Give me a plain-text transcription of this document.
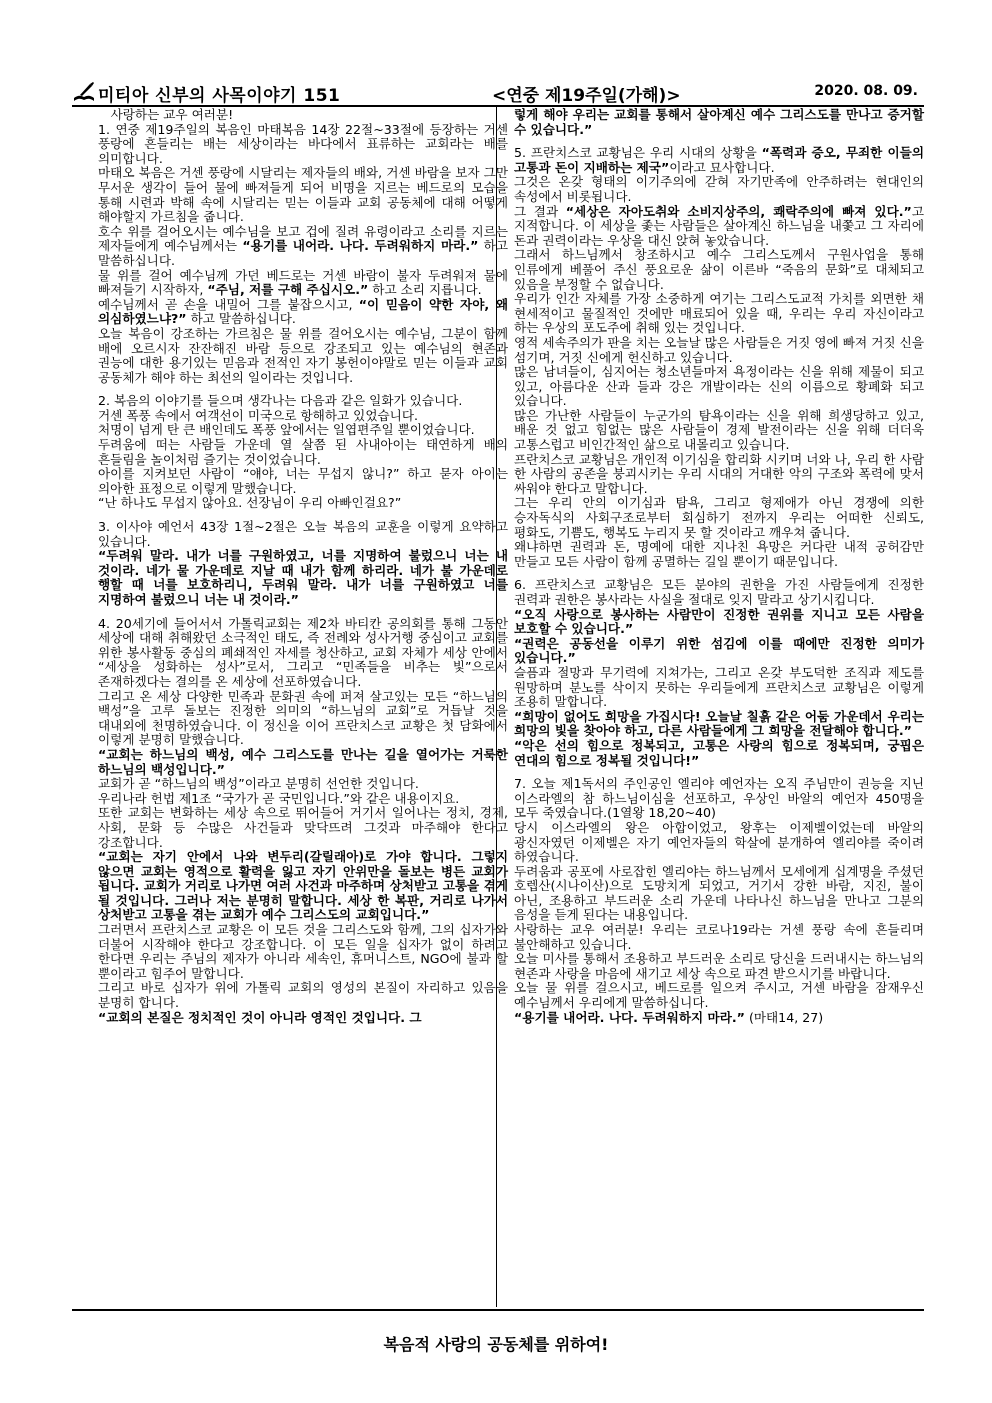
미티아 신부의 사목이야기 151	<연중 제19주일(가해)>	2020. 08. 09.

사랑하는 교우 여러분!

1. 연중 제19주일의 복음인 마태복음 14장 22절~33절에 등장하는 거센 풍랑에 흔들리는 배는 세상이라는 바다에서 표류하는 교회라는 배를 의미합니다.

마태오 복음은 거센 풍랑에 시달리는 제자들의 배와, 거센 바람을 보자 그만 무서운 생각이 들어 물에 빠져들게 되어 비명을 지르는 베드로의 모습을 통해 시련과 박해 속에 시달리는 믿는 이들과 교회 공동체에 대해 어떻게 해야할지 가르침을 줍니다.

호수 위를 걸어오시는 예수님을 보고 겁에 질려 유령이라고 소리를 지르는 제자들에게 예수님께서는 “용기를 내어라. 나다. 두려워하지 마라.” 하고 말씀하십니다.

물 위를 걸어 예수님께 가던 베드로는 거센 바람이 불자 두려워져 물에 빠져들기 시작하자, “주님, 저를 구해 주십시오.” 하고 소리 지릅니다.

예수님께서 곧 손을 내밀어 그를 붙잡으시고, “이 믿음이 약한 자야, 왜 의심하였느냐?” 하고 말씀하십니다.

오늘 복음이 강조하는 가르침은 물 위를 걸어오시는 예수님, 그분이 함께 배에 오르시자 잔잔해진 바람 등으로 강조되고 있는 예수님의 현존과 권능에 대한 용기있는 믿음과 전적인 자기 봉헌이야말로 믿는 이들과 교회 공동체가 해야 하는 최선의 일이라는 것입니다.

2. 복음의 이야기를 들으며 생각나는 다음과 같은 일화가 있습니다.

거센 폭풍 속에서 여객선이 미국으로 항해하고 있었습니다.

처명이 넘게 탄 큰 배인데도 폭풍 앞에서는 일엽편주일 뿐이었습니다.

두려움에 떠는 사람들 가운데 열 살쯤 된 사내아이는 태연하게 배의 흔들림을 놀이처럼 즐기는 것이었습니다.

아이를 지켜보던 사람이 “얘야, 너는 무섭지 않니?” 하고 묻자 아이는 의아한 표정으로 이렇게 말했습니다.

“난 하나도 무섭지 않아요. 선장님이 우리 아빠인걸요?”

3. 이사야 예언서 43장 1절~2절은 오늘 복음의 교훈을 이렇게 요약하고 있습니다.

“두려워 말라. 내가 너를 구원하였고, 너를 지명하여 불렀으니 너는 내 것이라. 네가 물 가운데로 지날 때 내가 함께 하리라. 네가 불 가운데로 행할 때 너를 보호하리니, 두려워 말라. 내가 너를 구원하였고 너를 지명하여 불렀으니 너는 내 것이라.”

4. 20세기에 들어서서 가톨릭교회는 제2차 바티칸 공의회를 통해 그동안 세상에 대해 취해왔던 소극적인 태도, 즉 전례와 성사거행 중심이고 교회를 위한 봉사활동 중심의 폐쇄적인 자세를 청산하고, 교회 자체가 세상 안에서 “세상을 성화하는 성사”로서, 그리고 “민족들을 비추는 빛”으로서 존재하겠다는 결의를 온 세상에 선포하였습니다.

그리고 온 세상 다양한 민족과 문화권 속에 퍼져 살고있는 모든 “하느님의 백성”을 고루 돌보는 진정한 의미의 “하느님의 교회”로 거듭날 것을 대내외에 천명하였습니다. 이 정신을 이어 프란치스코 교황은 첫 담화에서 이렇게 분명히 말했습니다.

“교회는 하느님의 백성, 예수 그리스도를 만나는 길을 열어가는 거룩한 하느님의 백성입니다.”

교회가 곧 “하느님의 백성”이라고 분명히 선언한 것입니다.

우리나라 헌법 제1조 “국가가 곧 국민입니다.”와 같은 내용이지요.

또한 교회는 변화하는 세상 속으로 뛰어들어 거기서 일어나는 정치, 경제, 사회, 문화 등 수많은 사건들과 맞닥뜨려 그것과 마주해야 한다고 강조합니다.

“교회는 자기 안에서 나와 변두리(갈릴래아)로 가야 합니다. 그렇지 않으면 교회는 영적으로 활력을 잃고 자기 안위만을 돌보는 병든 교회가 됩니다. 교회가 거리로 나가면 여러 사건과 마주하며 상처받고 고통을 겪게 될 것입니다. 그러나 저는 분명히 말합니다. 세상 한 복판, 거리로 나가서 상처받고 고통을 겪는 교회가 예수 그리스도의 교회입니다.”

그러면서 프란치스코 교황은 이 모든 것을 그리스도와 함께, 그의 십자가와 더불어 시작해야 한다고 강조합니다. 이 모든 일을 십자가 없이 하려고 한다면 우리는 주님의 제자가 아니라 세속인, 휴머니스트, NGO에 불과 할 뿐이라고 힘주어 말합니다.

그리고 바로 십자가 위에 가톨릭 교회의 영성의 본질이 자리하고 있음을 분명히 합니다.

“교회의 본질은 정치적인 것이 아니라 영적인 것입니다. 그

렇게 해야 우리는 교회를 통해서 살아계신 예수 그리스도를 만나고 증거할 수 있습니다.”

5. 프란치스코 교황님은 우리 시대의 상황을 “폭력과 증오, 무죄한 이들의 고통과 돈이 지배하는 제국”이라고 묘사합니다.

그것은 온갖 형태의 이기주의에 갇혀 자기만족에 안주하려는 현대인의 속성에서 비롯됩니다.

그 결과 “세상은 자아도취와 소비지상주의, 쾌락주의에 빠져 있다.”고 지적합니다. 이 세상을 좇는 사람들은 살아계신 하느님을 내쫓고 그 자리에 돈과 권력이라는 우상을 대신 앉혀 놓았습니다.

그래서 하느님께서 창조하시고 예수 그리스도께서 구원사업을 통해 인류에게 베풀어 주신 풍요로운 삶이 이른바 “죽음의 문화”로 대체되고 있음을 부정할 수 없습니다.

우리가 인간 자체를 가장 소중하게 여기는 그리스도교적 가치를 외면한 채 현세적이고 물질적인 것에만 매료되어 있을 때, 우리는 우리 자신이라고 하는 우상의 포도주에 취해 있는 것입니다.

영적 세속주의가 판을 치는 오늘날 많은 사람들은 거짓 영에 빠져 거짓 신을 섬기며, 거짓 신에게 헌신하고 있습니다.

많은 남녀들이, 심지어는 청소년들마저 욕정이라는 신을 위해 제물이 되고 있고, 아름다운 산과 들과 강은 개발이라는 신의 이름으로 황폐화 되고 있습니다.

많은 가난한 사람들이 누군가의 탐욕이라는 신을 위해 희생당하고 있고, 배운 것 없고 힘없는 많은 사람들이 경제 발전이라는 신을 위해 더더욱 고통스럽고 비인간적인 삶으로 내몰리고 있습니다.

프란치스코 교황님은 개인적 이기심을 합리화 시키며 너와 나, 우리 한 사람 한 사람의 공존을 붕괴시키는 우리 시대의 거대한 악의 구조와 폭력에 맞서 싸워야 한다고 말합니다.

그는 우리 안의 이기심과 탐욕, 그리고 형제애가 아닌 경쟁에 의한 승자독식의 사회구조로부터 회심하기 전까지 우리는 어떠한 신뢰도, 평화도, 기쁨도, 행복도 누리지 못 할 것이라고 깨우쳐 줍니다.

왜냐하면 권력과 돈, 명예에 대한 지나친 욕망은 커다란 내적 공허감만 만들고 모든 사람이 함께 공멸하는 길일 뿐이기 때문입니다.

6. 프란치스코 교황님은 모든 분야의 권한을 가진 사람들에게 진정한 권력과 권한은 봉사라는 사실을 절대로 잊지 말라고 상기시킵니다.

“오직 사랑으로 봉사하는 사람만이 진정한 권위를 지니고 모든 사람을 보호할 수 있습니다.”

“권력은 공동선을 이루기 위한 섬김에 이를 때에만 진정한 의미가 있습니다.”

슬픔과 절망과 무기력에 지쳐가는, 그리고 온갖 부도덕한 조직과 제도를 원망하며 분노를 삭이지 못하는 우리들에게 프란치스코 교황님은 이렇게 조용히 말합니다.

“희망이 없어도 희망을 가집시다! 오늘날 칠흙 같은 어둠 가운데서 우리는 희망의 빛을 찾아야 하고, 다른 사람들에게 그 희망을 전달해야 합니다.”

“악은 선의 힘으로 정복되고, 고통은 사랑의 힘으로 정복되며, 궁핍은 연대의 힘으로 정복될 것입니다!”

7. 오늘 제1독서의 주인공인 엘리야 예언자는 오직 주님만이 권능을 지닌 이스라엘의 참 하느님이심을 선포하고, 우상인 바알의 예언자 450명을 모두 죽였습니다.(1열왕 18,20~40)

당시 이스라엘의 왕은 아합이었고, 왕후는 이제벨이었는데 바알의 광신자였던 이제벨은 자기 예언자들의 학살에 분개하여 엘리야를 죽이려 하였습니다.

두려움과 공포에 사로잡힌 엘리야는 하느님께서 모세에게 십계명을 주셨던 호렙산(시나이산)으로 도망치게 되었고, 거기서 강한 바람, 지진, 불이 아닌, 조용하고 부드러운 소리 가운데 나타나신 하느님을 만나고 그분의 음성을 듣게 된다는 내용입니다.

사랑하는 교우 여러분! 우리는 코로나19라는 거센 풍랑 속에 흔들리며 불안해하고 있습니다.

오늘 미사를 통해서 조용하고 부드러운 소리로 당신을 드러내시는 하느님의 현존과 사랑을 마음에 새기고 세상 속으로 파견 받으시기를 바랍니다.

오늘 물 위를 걸으시고, 베드로를 일으켜 주시고, 거센 바람을 잠재우신 예수님께서 우리에게 말씀하십니다.

“용기를 내어라. 나다. 두려워하지 마라.” (마태14, 27)

복음적 사랑의 공동체를 위하여!
